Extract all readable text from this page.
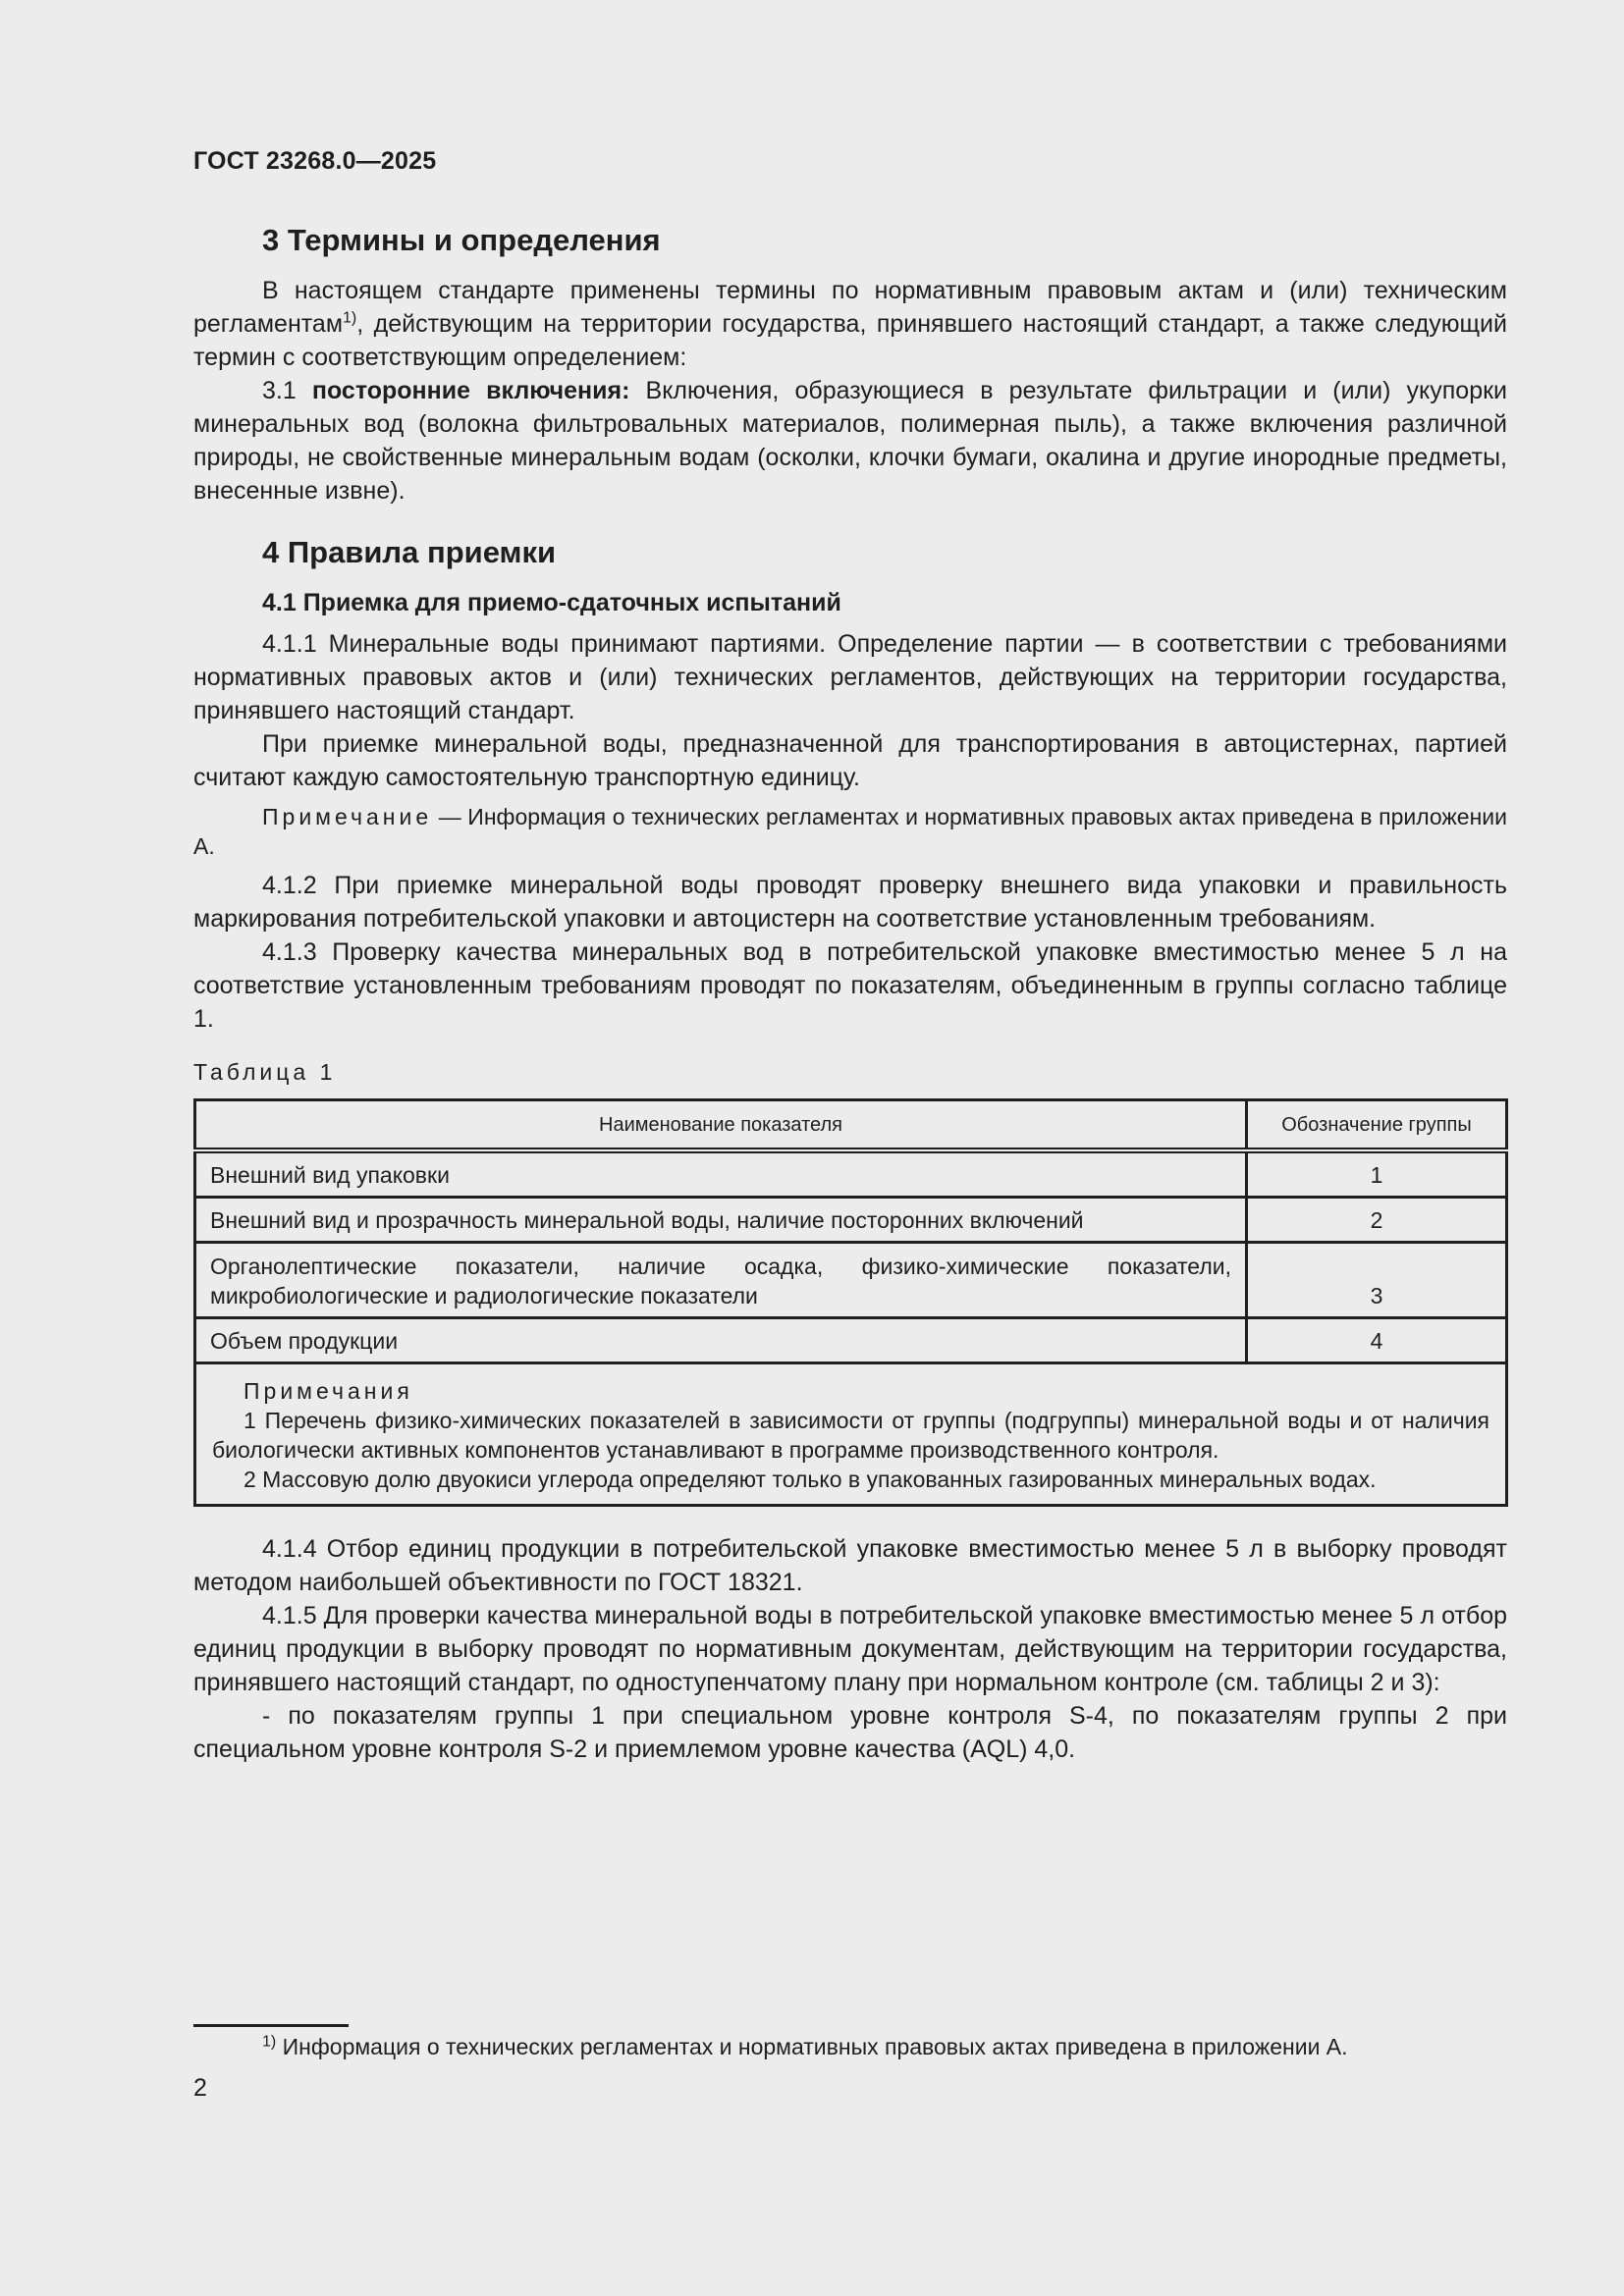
ГОСТ 23268.0—2025
3 Термины и определения

В настоящем стандарте применены термины по нормативным правовым актам и (или) техническим регламентам$^{1)}$, действующим на территории государства, принявшего настоящий стандарт, а также следующий термин с соответствующим определением:

3.1 посторонние включения: Включения, образующиеся в результате фильтрации и (или) укупорки минеральных вод (волокна фильтровальных материалов, полимерная пыль), а также включения различной природы, не свойственные минеральным водам (осколки, клочки бумаги, окалина и другие инородные предметы, внесенные извне).

4 Правила приемки
4.1 Приемка для приемо-сдаточных испытаний

4.1.1 Минеральные воды принимают партиями. Определение партии — в соответствии с требованиями нормативных правовых актов и (или) технических регламентов, действующих на территории государства, принявшего настоящий стандарт.

При приемке минеральной воды, предназначенной для транспортирования в автоцистернах, партией считают каждую самостоятельную транспортную единицу.

Примечание — Информация о технических регламентах и нормативных правовых актах приведена в приложении А.

4.1.2 При приемке минеральной воды проводят проверку внешнего вида упаковки и правильность маркирования потребительской упаковки и автоцистерн на соответствие установленным требованиям.

4.1.3 Проверку качества минеральных вод в потребительской упаковке вместимостью менее 5 л на соответствие установленным требованиям проводят по показателям, объединенным в группы согласно таблице 1.

Таблица 1
Наименование показателя	Обозначение группы
Внешний вид упаковки	1
Внешний вид и прозрачность минеральной воды, наличие посторонних включений	2
Органолептические показатели, наличие осадка, физико-химические показатели, микробиологические и радиологические показатели	3
Объем продукции	4

Примечания
1 Перечень физико-химических показателей в зависимости от группы (подгруппы) минеральной воды и от наличия биологически активных компонентов устанавливают в программе производственного контроля.
2 Массовую долю двуокиси углерода определяют только в упакованных газированных минеральных водах.	

4.1.4 Отбор единиц продукции в потребительской упаковке вместимостью менее 5 л в выборку проводят методом наибольшей объективности по ГОСТ 18321.

4.1.5 Для проверки качества минеральной воды в потребительской упаковке вместимостью менее 5 л отбор единиц продукции в выборку проводят по нормативным документам, действующим на территории государства, принявшего настоящий стандарт, по одноступенчатому плану при нормальном контроле (см. таблицы 2 и 3):

- по показателям группы 1 при специальном уровне контроля S-4, по показателям группы 2 при специальном уровне контроля S-2 и приемлемом уровне качества (AQL) 4,0.

$^{1)}$ Информация о технических регламентах и нормативных правовых актах приведена в приложении А.
2
